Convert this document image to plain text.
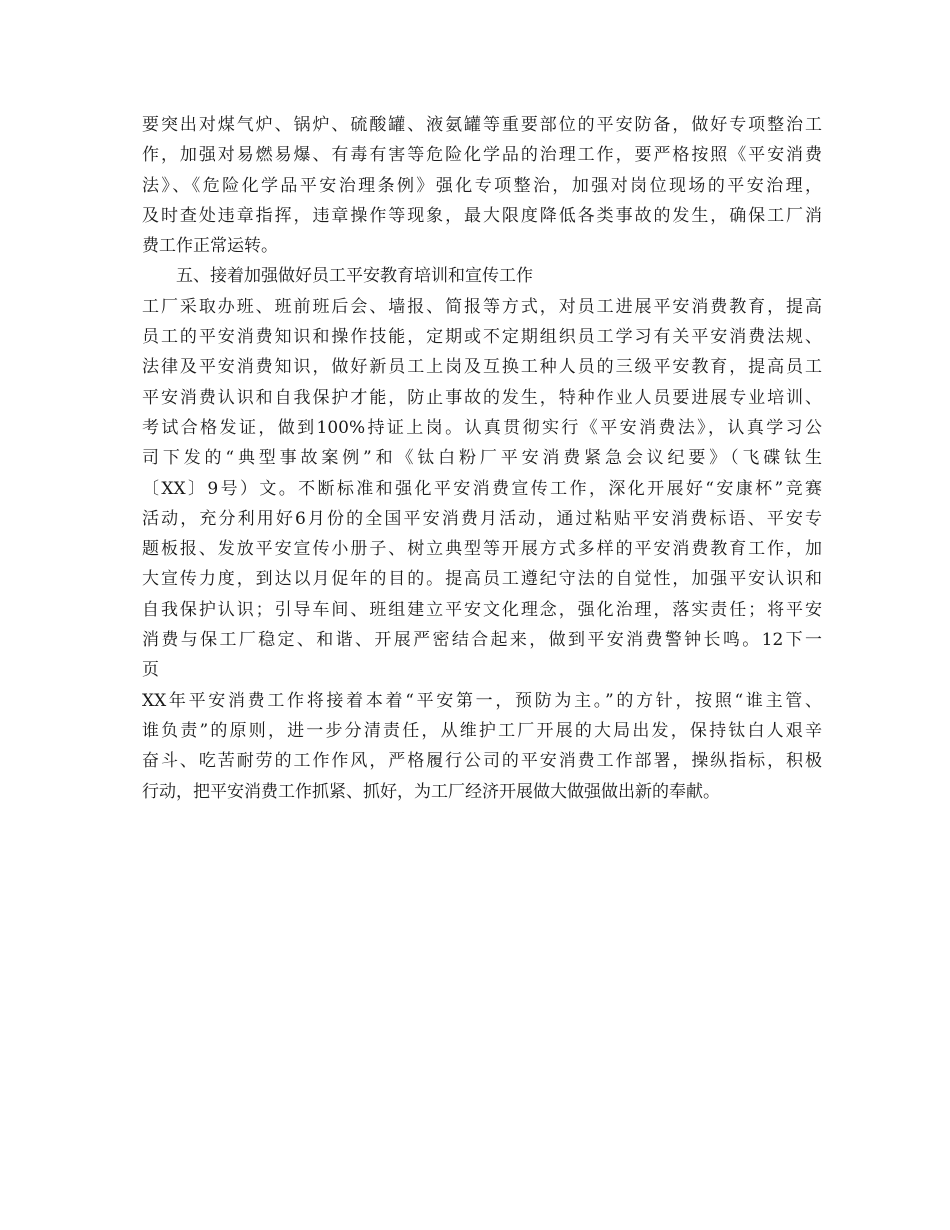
要突出对煤气炉、锅炉、硫酸罐、液氨罐等重要部位的平安防备，做好专项整治工
作，加强对易燃易爆、有毒有害等危险化学品的治理工作，要严格按照《平安消费
法》、《危险化学品平安治理条例》强化专项整治，加强对岗位现场的平安治理，
及时查处违章指挥，违章操作等现象，最大限度降低各类事故的发生，确保工厂消
费工作正常运转。
五、接着加强做好员工平安教育培训和宣传工作
工厂采取办班、班前班后会、墙报、简报等方式，对员工进展平安消费教育，提高
员工的平安消费知识和操作技能，定期或不定期组织员工学习有关平安消费法规、
法律及平安消费知识，做好新员工上岗及互换工种人员的三级平安教育，提高员工
平安消费认识和自我保护才能，防止事故的发生，特种作业人员要进展专业培训、
考试合格发证，做到100%持证上岗。认真贯彻实行《平安消费法》，认真学习公
司下发的“典型事故案例”和《钛白粉厂平安消费紧急会议纪要》（飞碟钛生
〔XX〕9号）文。不断标准和强化平安消费宣传工作，深化开展好“安康杯”竞赛
活动，充分利用好6月份的全国平安消费月活动，通过粘贴平安消费标语、平安专
题板报、发放平安宣传小册子、树立典型等开展方式多样的平安消费教育工作，加
大宣传力度，到达以月促年的目的。提高员工遵纪守法的自觉性，加强平安认识和
自我保护认识；引导车间、班组建立平安文化理念，强化治理，落实责任；将平安
消费与保工厂稳定、和谐、开展严密结合起来，做到平安消费警钟长鸣。12下一
页
XX年平安消费工作将接着本着“平安第一，预防为主。”的方针，按照“谁主管、
谁负责”的原则，进一步分清责任，从维护工厂开展的大局出发，保持钛白人艰辛
奋斗、吃苦耐劳的工作作风，严格履行公司的平安消费工作部署，操纵指标，积极
行动，把平安消费工作抓紧、抓好，为工厂经济开展做大做强做出新的奉献。
